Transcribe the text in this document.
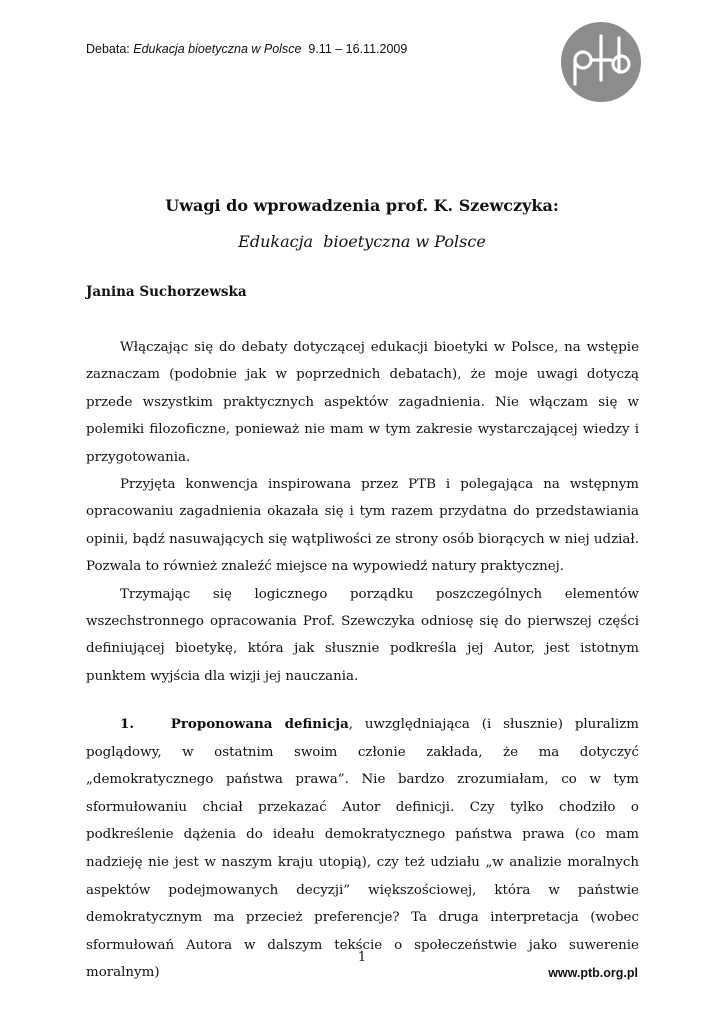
Debata: Edukacja bioetyczna w Polsce  9.11 – 16.11.2009

Uwagi do wprowadzenia prof. K. Szewczyka:

Edukacja  bioetyczna w Polsce

Janina Suchorzewska

Włączając się do debaty dotyczącej edukacji bioetyki w Polsce, na wstępie zaznaczam (podobnie jak w poprzednich debatach), że moje uwagi dotyczą przede wszystkim praktycznych aspektów zagadnienia. Nie włączam się w polemiki filozoficzne, ponieważ nie mam w tym zakresie wystarczającej wiedzy i przygotowania.

Przyjęta konwencja inspirowana przez PTB i polegająca na wstępnym opracowaniu zagadnienia okazała się i tym razem przydatna do przedstawiania opinii, bądź nasuwających się wątpliwości ze strony osób biorących w niej udział. Pozwala to również znaleźć miejsce na wypowiedź natury praktycznej.

Trzymając się logicznego porządku poszczególnych elementów wszechstronnego opracowania Prof. Szewczyka odniosę się do pierwszej części definiującej bioetykę, która jak słusznie podkreśla jej Autor, jest istotnym punktem wyjścia dla wizji jej nauczania.

1.   Proponowana definicja, uwzględniająca (i słusznie) pluralizm poglądowy, w ostatnim swoim członie zakłada, że ma dotyczyć „demokratycznego państwa prawa”. Nie bardzo zrozumiałam, co w tym sformułowaniu chciał przekazać Autor definicji. Czy tylko chodziło o podkreślenie dążenia do ideału demokratycznego państwa prawa (co mam nadzieję nie jest w naszym kraju utopią), czy też udziału „w analizie moralnych aspektów podejmowanych decyzji” większościowej, która w państwie demokratycznym ma przecież preferencje? Ta druga interpretacja (wobec sformułowań Autora w dalszym tekście o społeczeństwie jako suwerenie moralnym)

1
www.ptb.org.pl
